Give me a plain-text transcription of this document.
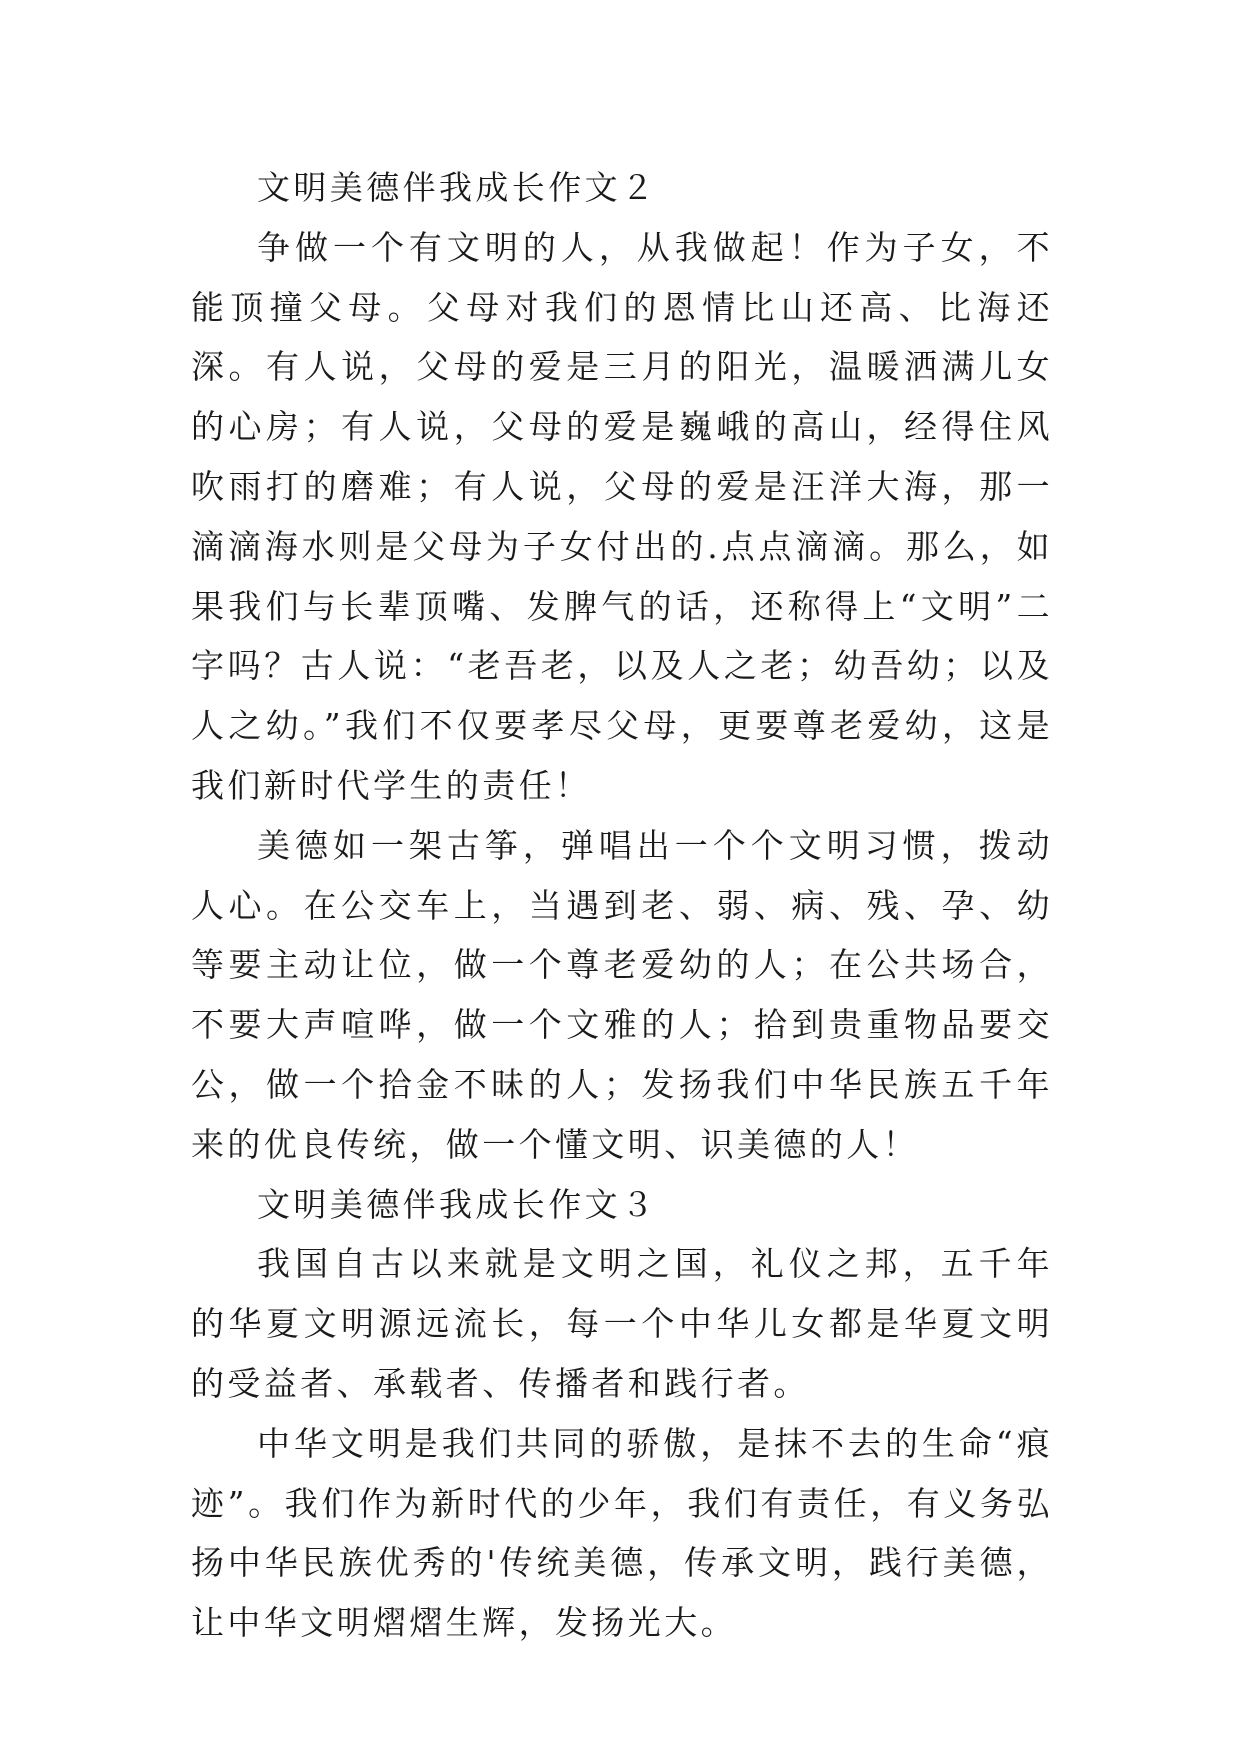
文明美德伴我成长作文２

争做一个有文明的人，从我做起！作为子女，不能顶撞父母。父母对我们的恩情比山还高、比海还深。有人说，父母的爱是三月的阳光，温暖洒满儿女的心房；有人说，父母的爱是巍峨的高山，经得住风吹雨打的磨难；有人说，父母的爱是汪洋大海，那一滴滴海水则是父母为子女付出的.点点滴滴。那么，如果我们与长辈顶嘴、发脾气的话，还称得上“文明”二字吗？古人说：“老吾老，以及人之老；幼吾幼；以及人之幼。”我们不仅要孝尽父母，更要尊老爱幼，这是我们新时代学生的责任！

美德如一架古筝，弹唱出一个个文明习惯，拨动人心。在公交车上，当遇到老、弱、病、残、孕、幼等要主动让位，做一个尊老爱幼的人；在公共场合，不要大声喧哗，做一个文雅的人；拾到贵重物品要交公，做一个拾金不昧的人；发扬我们中华民族五千年来的优良传统，做一个懂文明、识美德的人！

文明美德伴我成长作文３

我国自古以来就是文明之国，礼仪之邦，五千年的华夏文明源远流长，每一个中华儿女都是华夏文明的受益者、承载者、传播者和践行者。

中华文明是我们共同的骄傲，是抹不去的生命“痕迹”。我们作为新时代的少年，我们有责任，有义务弘扬中华民族优秀的'传统美德，传承文明，践行美德，让中华文明熠熠生辉，发扬光大。
